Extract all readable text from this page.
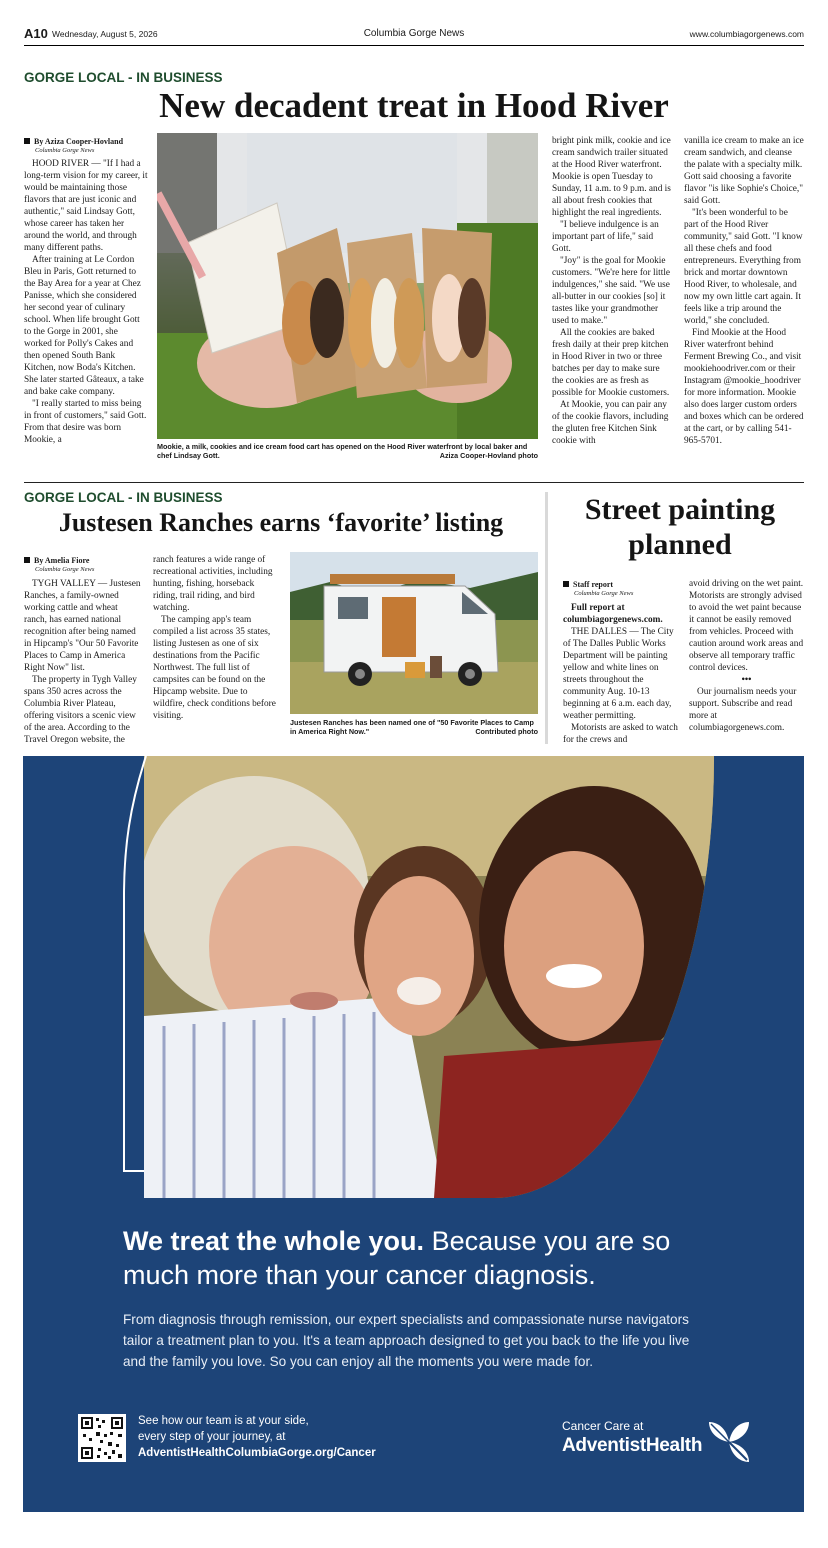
A10 Wednesday, August 5, 2026	Columbia Gorge News	www.columbiagorgenews.com
GORGE LOCAL - IN BUSINESS
New decadent treat in Hood River
By Aziza Cooper-Hovland
Columbia Gorge News

HOOD RIVER — "If I had a long-term vision for my career, it would be maintaining those flavors that are just iconic and authentic," said Lindsay Gott, whose career has taken her around the world, and through many different paths.

After training at Le Cordon Bleu in Paris, Gott returned to the Bay Area for a year at Chez Panisse, which she considered her second year of culinary school. When life brought Gott to the Gorge in 2001, she worked for Polly's Cakes and then opened South Bank Kitchen, now Boda's Kitchen. She later started Gâteaux, a take and bake cake company.

"I really started to miss being in front of customers," said Gott. From that desire was born Mookie, a

Mookie, a milk, cookies and ice cream food cart has opened on the Hood River waterfront by local baker and chef Lindsay Gott.	Aziza Cooper-Hovland photo

bright pink milk, cookie and ice cream sandwich trailer situated at the Hood River waterfront. Mookie is open Tuesday to Sunday, 11 a.m. to 9 p.m. and is all about fresh cookies that highlight the real ingredients.

"I believe indulgence is an important part of life," said Gott.

"Joy" is the goal for Mookie customers. "We're here for little indulgences," she said. "We use all-butter in our cookies [so] it tastes like your grandmother used to make."

All the cookies are baked fresh daily at their prep kitchen in Hood River in two or three batches per day to make sure the cookies are as fresh as possible for Mookie customers.

At Mookie, you can pair any of the cookie flavors, including the gluten free Kitchen Sink cookie with

vanilla ice cream to make an ice cream sandwich, and cleanse the palate with a specialty milk. Gott said choosing a favorite flavor "is like Sophie's Choice," said Gott.

"It's been wonderful to be part of the Hood River community," said Gott. "I know all these chefs and food entrepreneurs. Everything from brick and mortar downtown Hood River, to wholesale, and now my own little cart again. It feels like a trip around the world," she concluded.

Find Mookie at the Hood River waterfront behind Ferment Brewing Co., and visit mookiehoodriver.com or their Instagram @mookie_hoodriver for more information. Mookie also does larger custom orders and boxes which can be ordered at the cart, or by calling 541-965-5701.

GORGE LOCAL - IN BUSINESS
Justesen Ranches earns ‘favorite’ listing
By Amelia Fiore
Columbia Gorge News

TYGH VALLEY — Justesen Ranches, a family-owned working cattle and wheat ranch, has earned national recognition after being named in Hipcamp's "Our 50 Favorite Places to Camp in America Right Now" list.

The property in Tygh Valley spans 350 acres across the Columbia River Plateau, offering visitors a scenic view of the area. According to the Travel Oregon website, the

ranch features a wide range of recreational activities, including hunting, fishing, horseback riding, trail riding, and bird watching.

The camping app's team compiled a list across 35 states, listing Justesen as one of six destinations from the Pacific Northwest. The full list of campsites can be found on the Hipcamp website. Due to wildfire, check conditions before visiting.

Justesen Ranches has been named one of "50 Favorite Places to Camp in America Right Now."	Contributed photo
Street painting
planned
Staff report
Columbia Gorge News

Full report at columbiagorgenews.com.

THE DALLES — The City of The Dalles Public Works Department will be painting yellow and white lines on streets throughout the community Aug. 10-13 beginning at 6 a.m. each day, weather permitting.

Motorists are asked to watch for the crews and

avoid driving on the wet paint. Motorists are strongly advised to avoid the wet paint because it cannot be easily removed from vehicles. Proceed with caution around work areas and observe all temporary traffic control devices.

•••

Our journalism needs your support. Subscribe and read more at columbiagorgenews.com.

We treat the whole you. Because you are so much more than your cancer diagnosis.
From diagnosis through remission, our expert specialists and compassionate nurse navigators tailor a treatment plan to you. It's a team approach designed to get you back to the life you live and the family you love. So you can enjoy all the moments you were made for.
See how our team is at your side,
every step of your journey, at
AdventistHealthColumbiaGorge.org/Cancer
Cancer Care at
AdventistHealth
